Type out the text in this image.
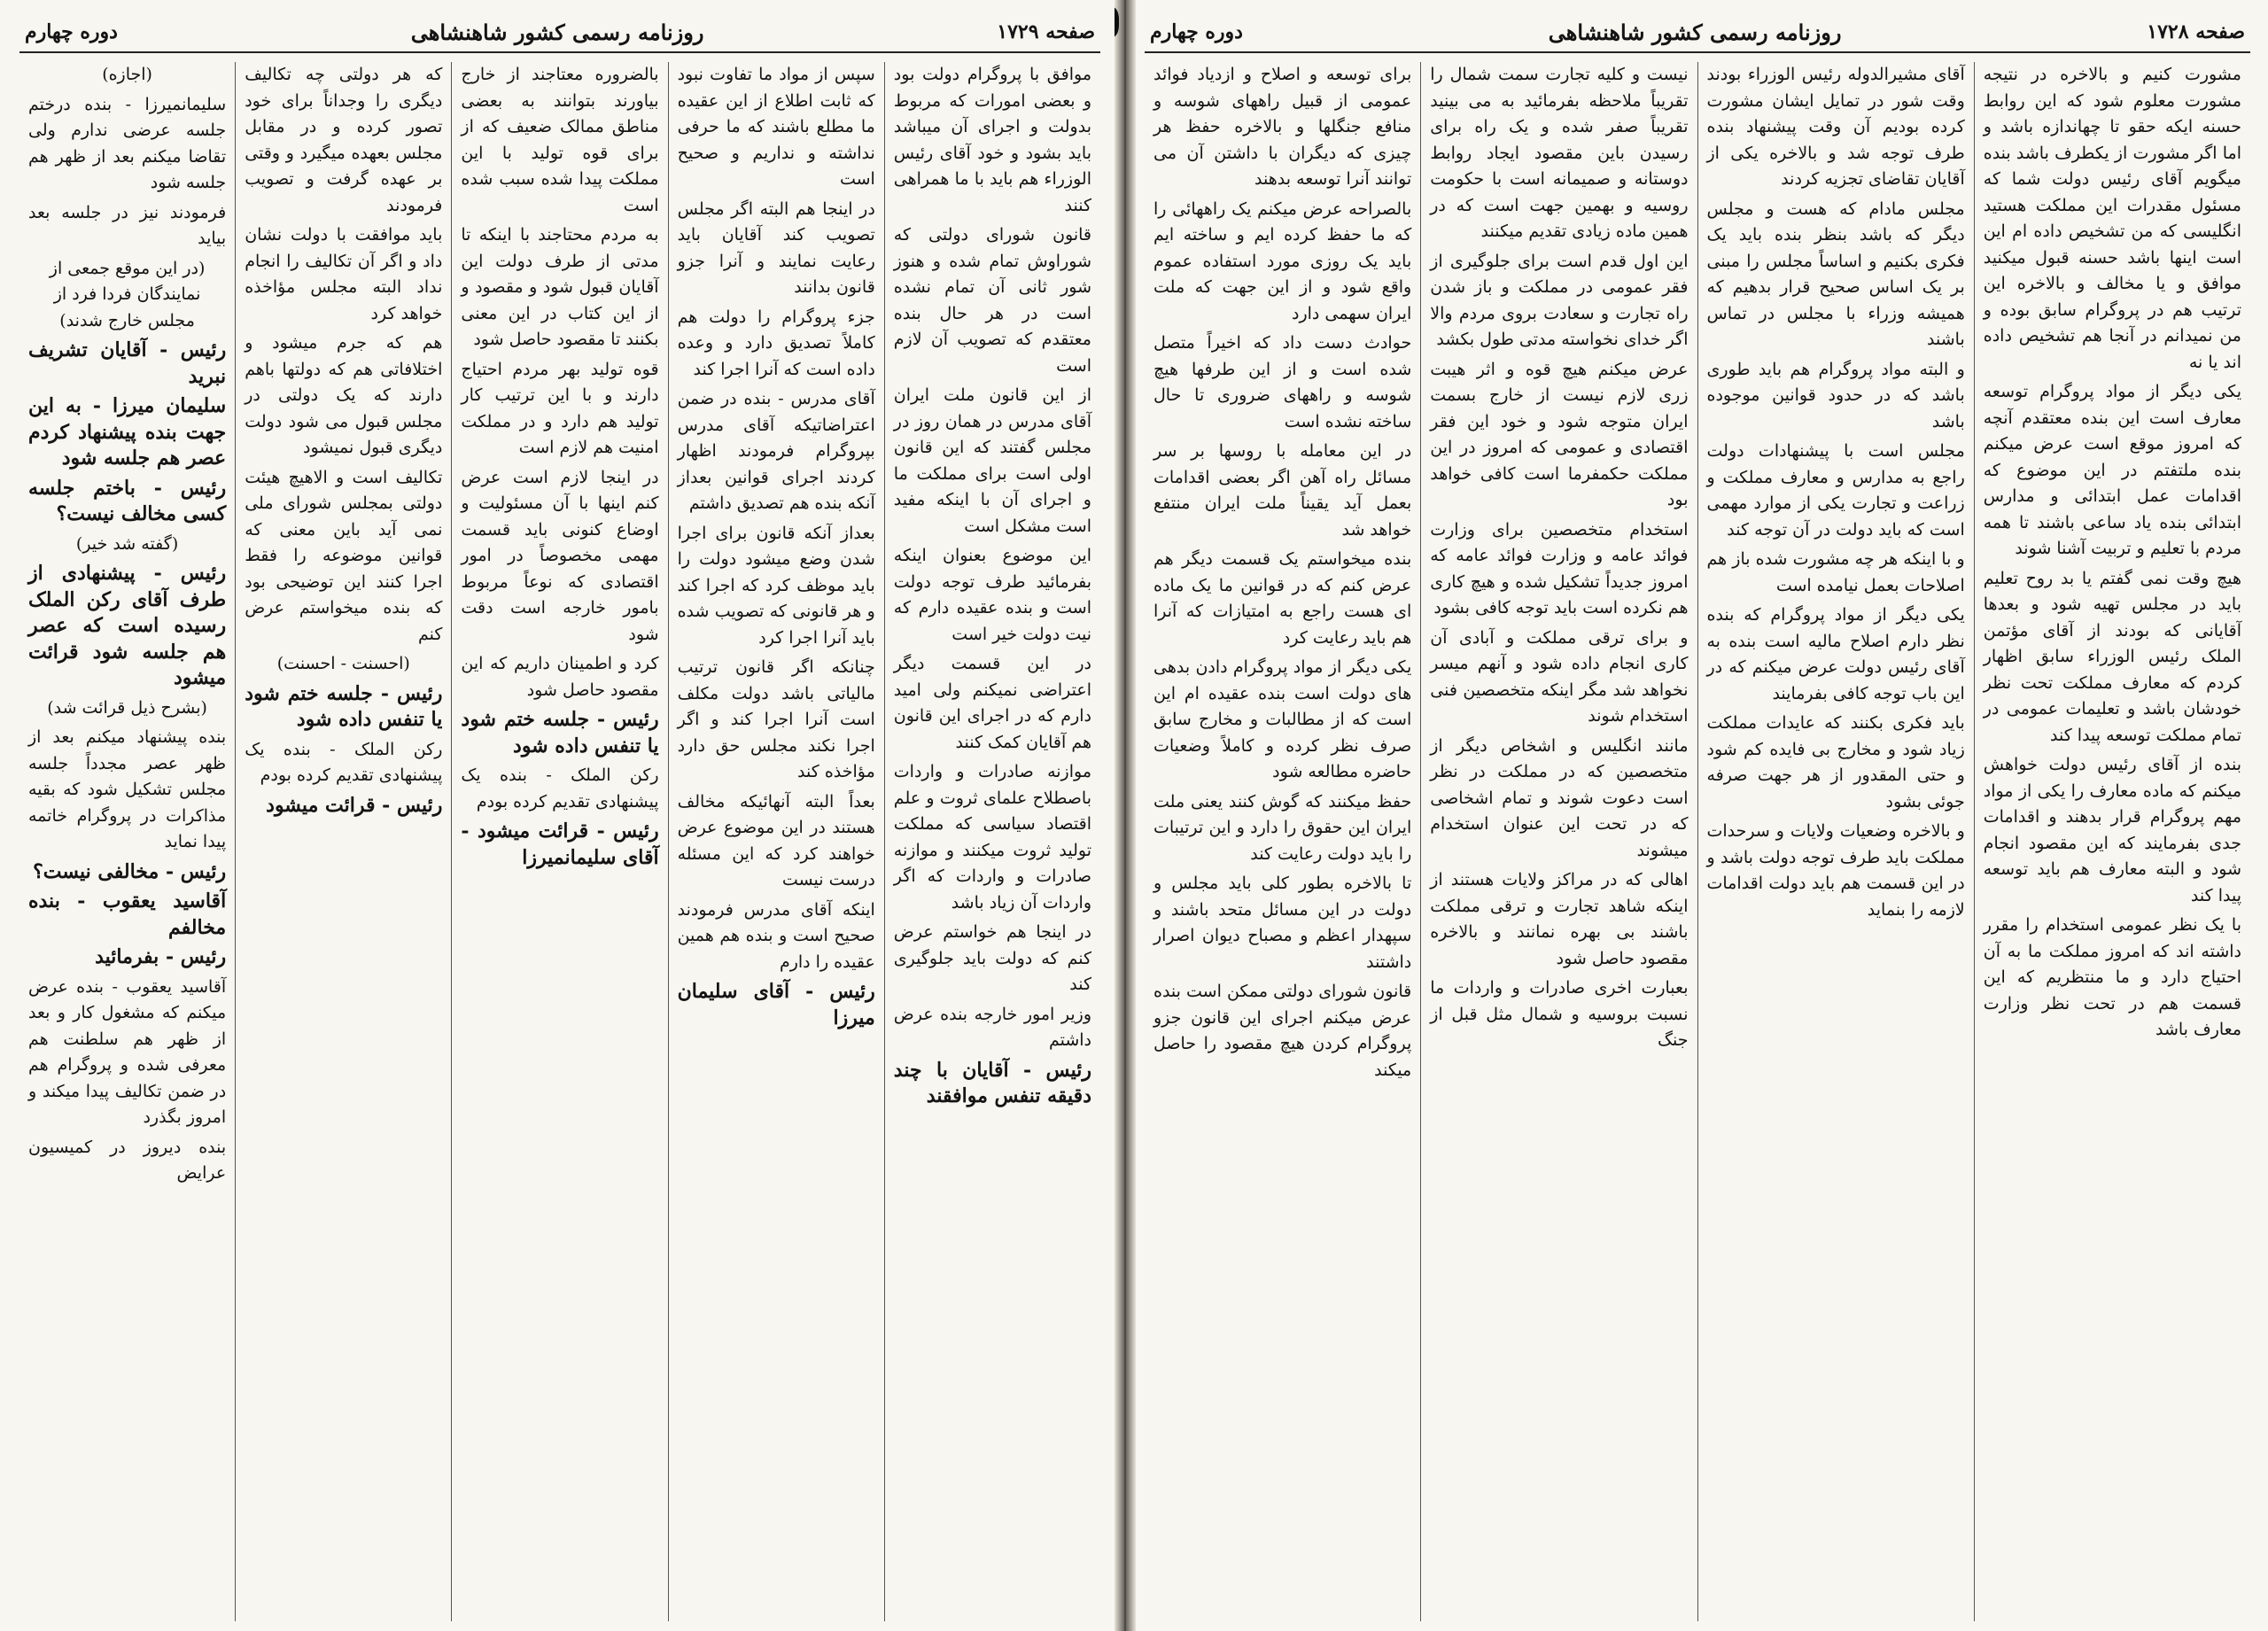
صفحه ۱۷۲۸
روزنامه رسمی کشور شاهنشاهی
دوره چهارم

مشورت کنیم و بالاخره در نتیجه مشورت معلوم شود که این روابط حسنه ایکه حقو تا چهاندازه باشد و اما اگر مشورت از یکطرف باشد بنده میگویم آقای رئیس دولت شما که مسئول مقدرات این مملکت هستید انگلیسی که من تشخیص داده ام این است اینها باشد حسنه قبول میکنید موافق و یا مخالف و بالاخره این ترتیب هم در پروگرام سابق بوده و من نمیدانم در آنجا هم تشخیص داده اند یا نه

یکی دیگر از مواد پروگرام توسعه معارف است این بنده معتقدم آنچه که امروز موقع است عرض میکنم بنده ملتفتم در این موضوع که اقدامات عمل ابتدائی و مدارس ابتدائی بنده یاد ساعی باشند تا همه مردم با تعلیم و تربیت آشنا شوند

هیچ وقت نمی گفتم یا بد روح تعلیم باید در مجلس تهیه شود و بعدها آقایانی که بودند از آقای مؤتمن الملک رئیس الوزراء سابق اظهار کردم که معارف مملکت تحت نظر خودشان باشد و تعلیمات عمومی در تمام مملکت توسعه پیدا کند

بنده از آقای رئیس دولت خواهش میکنم که ماده معارف را یکی از مواد مهم پروگرام قرار بدهند و اقدامات جدی بفرمایند که این مقصود انجام شود و البته معارف هم باید توسعه پیدا کند

با یک نظر عمومی استخدام را مقرر داشته اند که امروز مملکت ما به آن احتیاج دارد و ما منتظریم که این قسمت هم در تحت نظر وزارت معارف باشد

آقای مشیرالدوله رئیس الوزراء بودند وقت شور در تمایل ایشان مشورت کرده بودیم آن وقت پیشنهاد بنده طرف توجه شد و بالاخره یکی از آقایان تقاضای تجزیه کردند

مجلس مادام که هست و مجلس دیگر که باشد بنظر بنده باید یک فکری بکنیم و اساساً مجلس را مبنی بر یک اساس صحیح قرار بدهیم که همیشه وزراء با مجلس در تماس باشند

و البته مواد پروگرام هم باید طوری باشد که در حدود قوانین موجوده باشد

مجلس است با پیشنهادات دولت راجع به مدارس و معارف مملکت و زراعت و تجارت یکی از موارد مهمی است که باید دولت در آن توجه کند

و با اینکه هر چه مشورت شده باز هم اصلاحات بعمل نیامده است

یکی دیگر از مواد پروگرام که بنده نظر دارم اصلاح مالیه است بنده به آقای رئیس دولت عرض میکنم که در این باب توجه کافی بفرمایند

باید فکری بکنند که عایدات مملکت زیاد شود و مخارج بی فایده کم شود و حتی المقدور از هر جهت صرفه جوئی بشود

و بالاخره وضعیات ولایات و سرحدات مملکت باید طرف توجه دولت باشد و در این قسمت هم باید دولت اقدامات لازمه را بنماید

نیست و کلیه تجارت سمت شمال را تقریباً ملاحظه بفرمائید به می بینید تقریباً صفر شده و یک راه برای رسیدن باین مقصود ایجاد روابط دوستانه و صمیمانه است با حکومت روسیه و بهمین جهت است که در همین ماده زیادی تقدیم میکنند

این اول قدم است برای جلوگیری از فقر عمومی در مملکت و باز شدن راه تجارت و سعادت بروی مردم والا اگر خدای نخواسته مدتی طول بکشد

عرض میکنم هیچ قوه و اثر هیبت زری لازم نیست از خارج بسمت ایران متوجه شود و خود این فقر اقتصادی و عمومی که امروز در این مملکت حکمفرما است کافی خواهد بود

استخدام متخصصین برای وزارت فوائد عامه و وزارت فوائد عامه که امروز جدیداً تشکیل شده و هیچ کاری هم نکرده است باید توجه کافی بشود

و برای ترقی مملکت و آبادی آن کاری انجام داده شود و آنهم میسر نخواهد شد مگر اینکه متخصصین فنی استخدام شوند

مانند انگلیس و اشخاص دیگر از متخصصین که در مملکت در نظر است دعوت شوند و تمام اشخاصی که در تحت این عنوان استخدام میشوند

اهالی که در مراکز ولایات هستند از اینکه شاهد تجارت و ترقی مملکت باشند بی بهره نمانند و بالاخره مقصود حاصل شود

بعبارت اخری صادرات و واردات ما نسبت بروسیه و شمال مثل قبل از جنگ

برای توسعه و اصلاح و ازدیاد فوائد عمومی از قبیل راههای شوسه و منافع جنگلها و بالاخره حفظ هر چیزی که دیگران با داشتن آن می توانند آنرا توسعه بدهند

بالصراحه عرض میکنم یک راههائی را که ما حفظ کرده ایم و ساخته ایم باید یک روزی مورد استفاده عموم واقع شود و از این جهت که ملت ایران سهمی دارد

حوادث دست داد که اخیراً متصل شده است و از این طرفها هیچ شوسه و راههای ضروری تا حال ساخته نشده است

در این معامله با روسها بر سر مسائل راه آهن اگر بعضی اقدامات بعمل آید یقیناً ملت ایران منتفع خواهد شد

بنده میخواستم یک قسمت دیگر هم عرض کنم که در قوانین ما یک ماده ای هست راجع به امتیازات که آنرا هم باید رعایت کرد

یکی دیگر از مواد پروگرام دادن بدهی های دولت است بنده عقیده ام این است که از مطالبات و مخارج سابق صرف نظر کرده و کاملاً وضعیات حاضره مطالعه شود

حفظ میکنند که گوش کنند یعنی ملت ایران این حقوق را دارد و این ترتیبات را باید دولت رعایت کند

تا بالاخره بطور کلی باید مجلس و دولت در این مسائل متحد باشند و سپهدار اعظم و مصباح دیوان اصرار داشتند

قانون شورای دولتی ممکن است بنده عرض میکنم اجرای این قانون جزو پروگرام کردن هیچ مقصود را حاصل میکند

صفحه ۱۷۲۹
روزنامه رسمی کشور شاهنشاهی
دوره چهارم

موافق با پروگرام دولت بود و بعضی امورات که مربوط بدولت و اجرای آن میباشد باید بشود و خود آقای رئیس الوزراء هم باید با ما همراهی کنند

قانون شورای دولتی که شوراوش تمام شده و هنوز شور ثانی آن تمام نشده است در هر حال بنده معتقدم که تصویب آن لازم است

از این قانون ملت ایران آقای مدرس در همان روز در مجلس گفتند که این قانون اولی است برای مملکت ما و اجرای آن با اینکه مفید است مشکل است

این موضوع بعنوان اینکه بفرمائید طرف توجه دولت است و بنده عقیده دارم که نیت دولت خیر است

در این قسمت دیگر اعتراضی نمیکنم ولی امید دارم که در اجرای این قانون هم آقایان کمک کنند

موازنه صادرات و واردات باصطلاح علمای ثروت و علم اقتصاد سیاسی که مملکت تولید ثروت میکنند و موازنه صادرات و واردات که اگر واردات آن زیاد باشد

در اینجا هم خواستم عرض کنم که دولت باید جلوگیری کند

وزیر امور خارجه بنده عرض داشتم

رئیس - آقایان با چند دقیقه تنفس موافقند

سپس از مواد ما تفاوت نبود که ثابت اطلاع از این عقیده ما مطلع باشند که ما حرفی نداشته و نداریم و صحیح است

در اینجا هم البته اگر مجلس تصویب کند آقایان باید رعایت نمایند و آنرا جزو قانون بدانند

جزء پروگرام را دولت هم کاملاً تصدیق دارد و وعده داده است که آنرا اجرا کند

آقای مدرس - بنده در ضمن اعتراضاتیکه آقای مدرس بپروگرام فرمودند اظهار کردند اجرای قوانین بعداز آنکه بنده هم تصدیق داشتم

بعداز آنکه قانون برای اجرا شدن وضع میشود دولت را باید موظف کرد که اجرا کند و هر قانونی که تصویب شده باید آنرا اجرا کرد

چنانکه اگر قانون ترتیب مالیاتی باشد دولت مکلف است آنرا اجرا کند و اگر اجرا نکند مجلس حق دارد مؤاخذه کند

بعداً البته آنهائیکه مخالف هستند در این موضوع عرض خواهند کرد که این مسئله درست نیست

اینکه آقای مدرس فرمودند صحیح است و بنده هم همین عقیده را دارم

رئیس - آقای سلیمان میرزا

بالضروره معتاجند از خارج بیاورند بتوانند به بعضی مناطق ممالک ضعیف که از برای قوه تولید با این مملکت پیدا شده سبب شده است

به مردم محتاجند با اینکه تا مدتی از طرف دولت این آقایان قبول شود و مقصود و از این کتاب در این معنی بکنند تا مقصود حاصل شود

قوه تولید بهر مردم احتیاج دارند و با این ترتیب کار تولید هم دارد و در مملکت امنیت هم لازم است

در اینجا لازم است عرض کنم اینها با آن مسئولیت و اوضاع کنونی باید قسمت مهمی مخصوصاً در امور اقتصادی که نوعاً مربوط بامور خارجه است دقت شود

کرد و اطمینان داریم که این مقصود حاصل شود

رئیس - جلسه ختم شود یا تنفس داده شود

رکن الملک - بنده یک پیشنهادی تقدیم کرده بودم

رئیس - قرائت میشود - آقای سلیمانمیرزا

که هر دولتی چه تکالیف دیگری را وجداناً برای خود تصور کرده و در مقابل مجلس بعهده میگیرد و وقتی بر عهده گرفت و تصویب فرمودند

باید موافقت با دولت نشان داد و اگر آن تکالیف را انجام نداد البته مجلس مؤاخذه خواهد کرد

هم که جرم میشود و اختلافاتی هم که دولتها باهم دارند که یک دولتی در مجلس قبول می شود دولت دیگری قبول نمیشود

تکالیف است و الاهیچ هیئت دولتی بمجلس شورای ملی نمی آید باین معنی که قوانین موضوعه را فقط اجرا کنند این توضیحی بود که بنده میخواستم عرض کنم

(احسنت - احسنت)

رئیس - جلسه ختم شود یا تنفس داده شود

رکن الملک - بنده یک پیشنهادی تقدیم کرده بودم

رئیس - قرائت میشود

(اجازه)

سلیمانمیرزا - بنده درختم جلسه عرضی ندارم ولی تقاضا میکنم بعد از ظهر هم جلسه شود

فرمودند نیز در جلسه بعد بیاید

(در این موقع جمعی از نمایندگان فردا فرد از مجلس خارج شدند)

رئیس - آقایان تشریف نبرید

سلیمان میرزا - به این جهت بنده پیشنهاد کردم عصر هم جلسه شود

رئیس - باختم جلسه کسی مخالف نیست؟

(گفته شد خیر)

رئیس - پیشنهادی از طرف آقای رکن الملک رسیده است که عصر هم جلسه شود قرائت میشود

(بشرح ذیل قرائت شد)

بنده پیشنهاد میکنم بعد از ظهر عصر مجدداً جلسه مجلس تشکیل شود که بقیه مذاکرات در پروگرام خاتمه پیدا نماید

رئیس - مخالفی نیست؟

آقاسید یعقوب - بنده مخالفم

رئیس - بفرمائید

آقاسید یعقوب - بنده عرض میکنم که مشغول کار و بعد از ظهر هم سلطنت هم معرفی شده و پروگرام هم در ضمن تکالیف پیدا میکند و امروز بگذرد

بنده دیروز در کمیسیون عرایض
